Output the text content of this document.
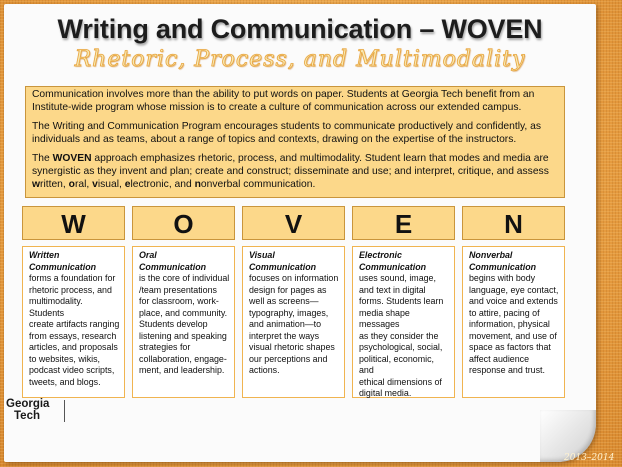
Writing and Communication – WOVEN
Rhetoric, Process, and Multimodality

Communication involves more than the ability to put words on paper. Students at Georgia Tech benefit from an Institute-wide program whose mission is to create a culture of communication across our extended campus.

The Writing and Communication Program encourages students to communicate productively and confidently, as individuals and as teams, about a range of topics and contexts, drawing on the expertise of the instructors.

The WOVEN approach emphasizes rhetoric, process, and multimodality. Student learn that modes and media are synergistic as they invent and plan; create and construct; disseminate and use; and interpret, critique, and assess written, oral, visual, electronic, and nonverbal communication.

W
Written
Communication
forms a foundation for
rhetoric process, and
multimodality. Students
create artifacts ranging
from essays, research
articles, and proposals
to websites, wikis,
podcast video scripts,
tweets, and blogs.
O
Oral
Communication
is the core of individual
/team presentations
for classroom, work-
place, and community.
Students develop
listening and speaking
strategies for
collaboration, engage-
ment, and leadership.
V
Visual
Communication
focuses on information
design for pages as
well as screens—
typography, images,
and animation—to
interpret the ways
visual rhetoric shapes
our perceptions and
actions.
E
Electronic
Communication
uses sound, image,
and text in digital
forms. Students learn
media shape messages
as they consider the
psychological, social,
political, economic, and
ethical dimensions of
digital media.
N
Nonverbal
Communication
begins with body
language, eye contact,
and voice and extends
to attire, pacing of
information, physical
movement, and use of
space as factors that
affect audience
response and trust.
Georgia
Tech
2013–2014
